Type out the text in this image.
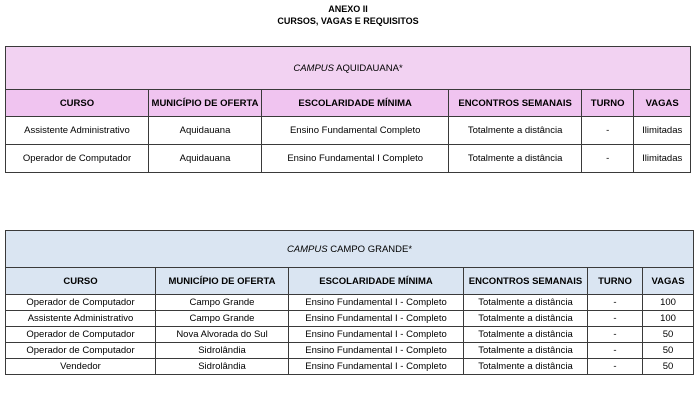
ANEXO II
CURSOS, VAGAS E REQUISITOS
CAMPUS AQUIDAUANA*					
CURSO	MUNICÍPIO DE OFERTA	ESCOLARIDADE MÍNIMA	ENCONTROS SEMANAIS	TURNO	VAGAS
Assistente Administrativo	Aquidauana	Ensino Fundamental Completo	Totalmente a distância	-	Ilimitadas
Operador de Computador	Aquidauana	Ensino Fundamental I Completo	Totalmente a distância	-	Ilimitadas
CAMPUS CAMPO GRANDE*					
CURSO	MUNICÍPIO DE OFERTA	ESCOLARIDADE MÍNIMA	ENCONTROS SEMANAIS	TURNO	VAGAS
Operador de Computador	Campo Grande	Ensino Fundamental I - Completo	Totalmente a distância	-	100
Assistente Administrativo	Campo Grande	Ensino Fundamental I - Completo	Totalmente a distância	-	100
Operador de Computador	Nova Alvorada do Sul	Ensino Fundamental I - Completo	Totalmente a distância	-	50
Operador de Computador	Sidrolândia	Ensino Fundamental I - Completo	Totalmente a distância	-	50
Vendedor	Sidrolândia	Ensino Fundamental I - Completo	Totalmente a distância	-	50
